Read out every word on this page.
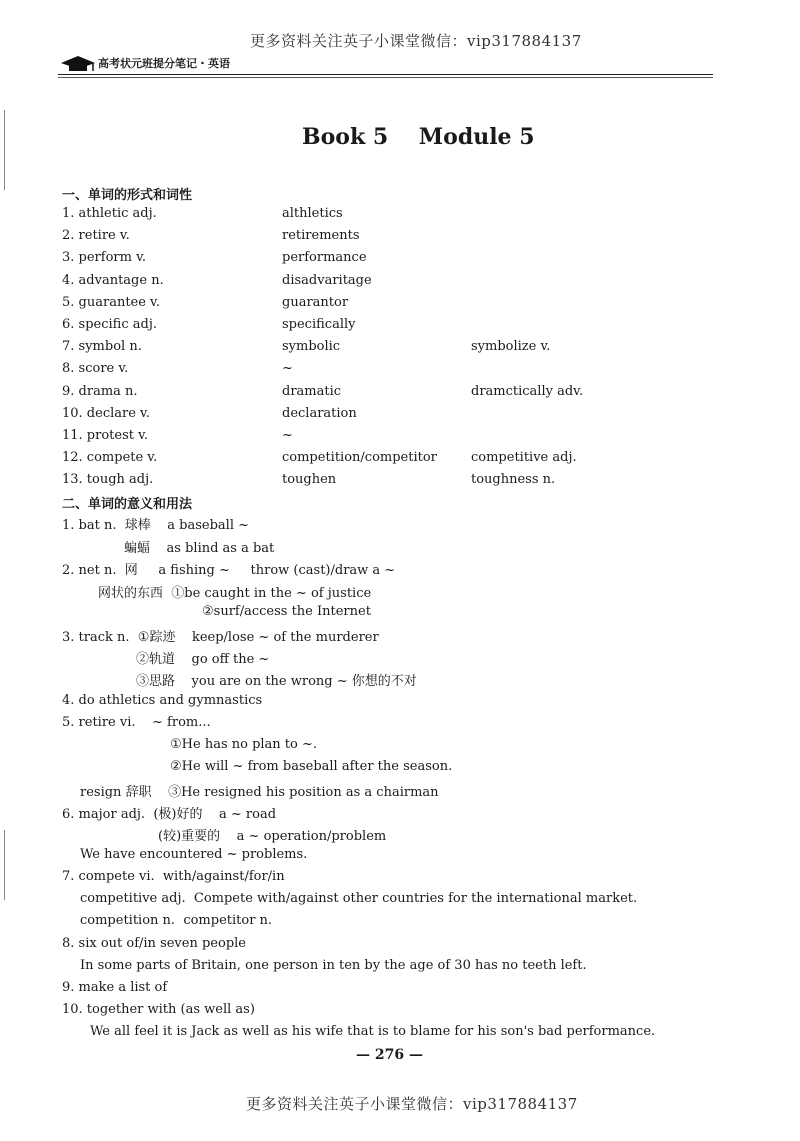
更多资料关注英子小课堂微信：vip317884137
高考状元班提分笔记・英语
Book 5    Module 5
一、单词的形式和词性
1. athletic adj.	althletics
2. retire v.	retirements
3. perform v.	performance
4. advantage n.	disadvaritage
5. guarantee v.	guarantor
6. specific adj.	specifically
7. symbol n.	symbolic	symbolize v.
8. score v.	~
9. drama n.	dramatic	dramctically adv.
10. declare v.	declaration
11. protest v.	~
12. compete v.	competition/competitor	competitive adj.
13. tough adj.	toughen	toughness n.
二、单词的意义和用法
1. bat n.  球棒    a baseball ~
蝙蝠    as blind as a bat
2. net n.  网     a fishing ~     throw (cast)/draw a ~
网状的东西  ①be caught in the ~ of justice
②surf/access the Internet
3. track n.  ①踪迹    keep/lose ~ of the murderer
②轨道    go off the ~
③思路    you are on the wrong ~ 你想的不对
4. do athletics and gymnastics
5. retire vi.    ~ from...
①He has no plan to ~.
②He will ~ from baseball after the season.
resign 辞职    ③He resigned his position as a chairman
6. major adj.  (极)好的    a ~ road
(较)重要的    a ~ operation/problem
We have encountered ~ problems.
7. compete vi.  with/against/for/in
competitive adj.  Compete with/against other countries for the international market.
competition n.  competitor n.
8. six out of/in seven people
In some parts of Britain, one person in ten by the age of 30 has no teeth left.
9. make a list of
10. together with (as well as)
We all feel it is Jack as well as his wife that is to blame for his son's bad performance.
— 276 —
更多资料关注英子小课堂微信：vip317884137
